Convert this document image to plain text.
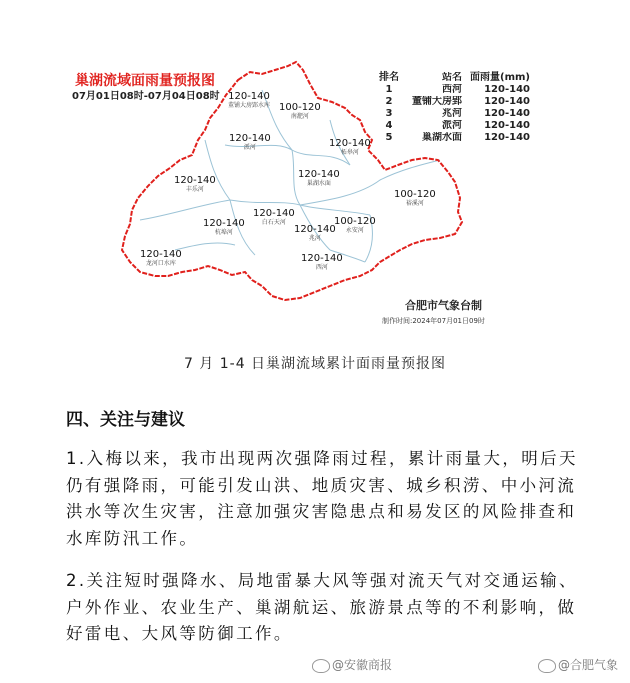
巢湖流域面雨量预报图
07月01日08时-07月04日08时 120-140
董铺大房郢水库 100-120
南淝河
120-140
派河	120-140
柘皋河
120-140
丰乐河
120-140
巢湖水面
100-120
裕溪河
120-140
杭埠河
120-140
白石天河
120-140
兆河
100-120
永安河
120-140
西河
120-140
龙河口水库
排名	站名 面雨量(mm)
1	西河	120-140
2	董铺大房郢	120-140
3	兆河	120-140
4	派河	120-140
5	巢湖水面	120-140
合肥市气象台制
制作时间:2024年07月01日09时
7 月 1-4 日巢湖流域累计面雨量预报图
四、关注与建议
1.入梅以来，我市出现两次强降雨过程，累计雨量大，明后天仍有强降雨，可能引发山洪、地质灾害、城乡积涝、中小河流洪水等次生灾害，注意加强灾害隐患点和易发区的风险排查和水库防汛工作。
2.关注短时强降水、局地雷暴大风等强对流天气对交通运输、户外作业、农业生产、巢湖航运、旅游景点等的不利影响，做好雷电、大风等防御工作。
@安徽商报	@合肥气象
